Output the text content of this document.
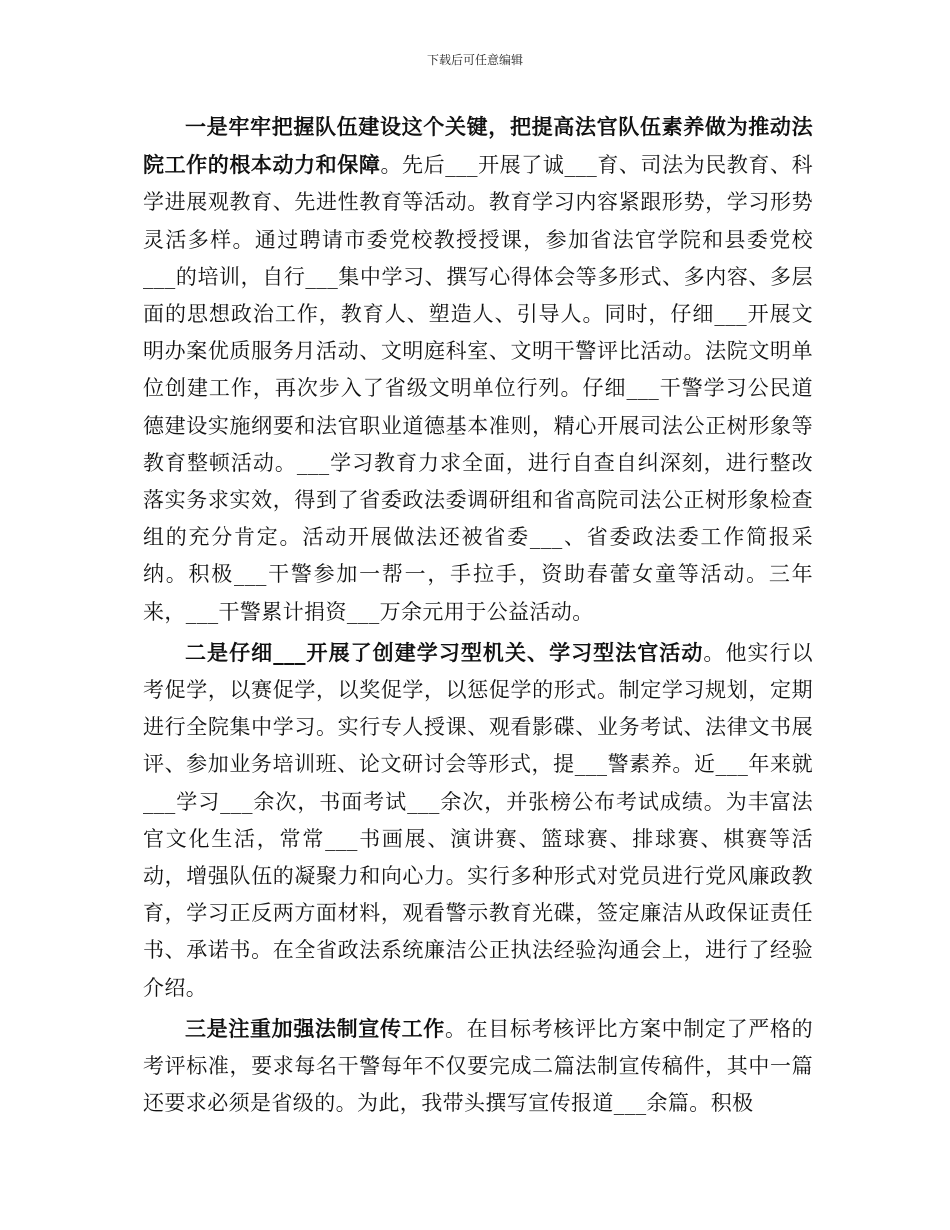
下载后可任意编辑

一是牢牢把握队伍建设这个关键，把提高法官队伍素养做为推动法院工作的根本动力和保障。先后___开展了诚___育、司法为民教育、科学进展观教育、先进性教育等活动。教育学习内容紧跟形势，学习形势灵活多样。通过聘请市委党校教授授课，参加省法官学院和县委党校___的培训，自行___集中学习、撰写心得体会等多形式、多内容、多层面的思想政治工作，教育人、塑造人、引导人。同时，仔细___开展文明办案优质服务月活动、文明庭科室、文明干警评比活动。法院文明单位创建工作，再次步入了省级文明单位行列。仔细___干警学习公民道德建设实施纲要和法官职业道德基本准则，精心开展司法公正树形象等教育整顿活动。___学习教育力求全面，进行自查自纠深刻，进行整改落实务求实效，得到了省委政法委调研组和省高院司法公正树形象检查组的充分肯定。活动开展做法还被省委___、省委政法委工作简报采纳。积极___干警参加一帮一，手拉手，资助春蕾女童等活动。三年来，___干警累计捐资___万余元用于公益活动。

二是仔细___开展了创建学习型机关、学习型法官活动。他实行以考促学，以赛促学，以奖促学，以惩促学的形式。制定学习规划，定期进行全院集中学习。实行专人授课、观看影碟、业务考试、法律文书展评、参加业务培训班、论文研讨会等形式，提___警素养。近___年来就___学习___余次，书面考试___余次，并张榜公布考试成绩。为丰富法官文化生活，常常___书画展、演讲赛、篮球赛、排球赛、棋赛等活动，增强队伍的凝聚力和向心力。实行多种形式对党员进行党风廉政教育，学习正反两方面材料，观看警示教育光碟，签定廉洁从政保证责任书、承诺书。在全省政法系统廉洁公正执法经验沟通会上，进行了经验介绍。

三是注重加强法制宣传工作。在目标考核评比方案中制定了严格的考评标准，要求每名干警每年不仅要完成二篇法制宣传稿件，其中一篇还要求必须是省级的。为此，我带头撰写宣传报道___余篇。积极
